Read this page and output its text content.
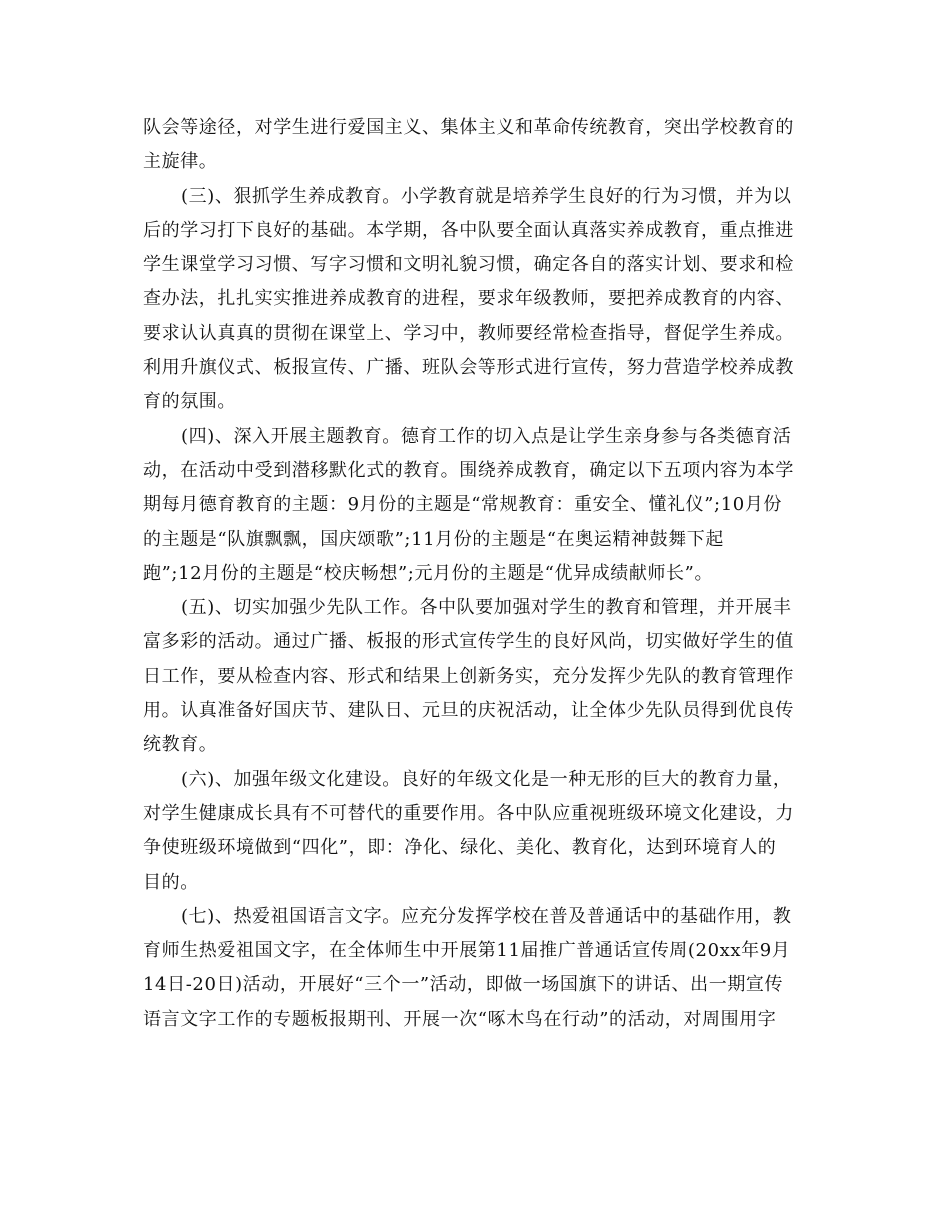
队会等途径，对学生进行爱国主义、集体主义和革命传统教育，突出学校教育的
主旋律。
(三)、狠抓学生养成教育。小学教育就是培养学生良好的行为习惯，并为以
后的学习打下良好的基础。本学期，各中队要全面认真落实养成教育，重点推进
学生课堂学习习惯、写字习惯和文明礼貌习惯，确定各自的落实计划、要求和检
查办法，扎扎实实推进养成教育的进程，要求年级教师，要把养成教育的内容、
要求认认真真的贯彻在课堂上、学习中，教师要经常检查指导，督促学生养成。
利用升旗仪式、板报宣传、广播、班队会等形式进行宣传，努力营造学校养成教
育的氛围。
(四)、深入开展主题教育。德育工作的切入点是让学生亲身参与各类德育活
动，在活动中受到潜移默化式的教育。围绕养成教育，确定以下五项内容为本学
期每月德育教育的主题：9月份的主题是“常规教育：重安全、懂礼仪”;10月份
的主题是“队旗飘飘，国庆颂歌”;11月份的主题是“在奥运精神鼓舞下起
跑”;12月份的主题是“校庆畅想”;元月份的主题是“优异成绩献师长”。
(五)、切实加强少先队工作。各中队要加强对学生的教育和管理，并开展丰
富多彩的活动。通过广播、板报的形式宣传学生的良好风尚，切实做好学生的值
日工作，要从检查内容、形式和结果上创新务实，充分发挥少先队的教育管理作
用。认真准备好国庆节、建队日、元旦的庆祝活动，让全体少先队员得到优良传
统教育。
(六)、加强年级文化建设。良好的年级文化是一种无形的巨大的教育力量，
对学生健康成长具有不可替代的重要作用。各中队应重视班级环境文化建设，力
争使班级环境做到“四化”，即：净化、绿化、美化、教育化，达到环境育人的
目的。
(七)、热爱祖国语言文字。应充分发挥学校在普及普通话中的基础作用，教
育师生热爱祖国文字，在全体师生中开展第11届推广普通话宣传周(20xx年9月
14日-20日)活动，开展好“三个一”活动，即做一场国旗下的讲话、出一期宣传
语言文字工作的专题板报期刊、开展一次“啄木鸟在行动”的活动，对周围用字
